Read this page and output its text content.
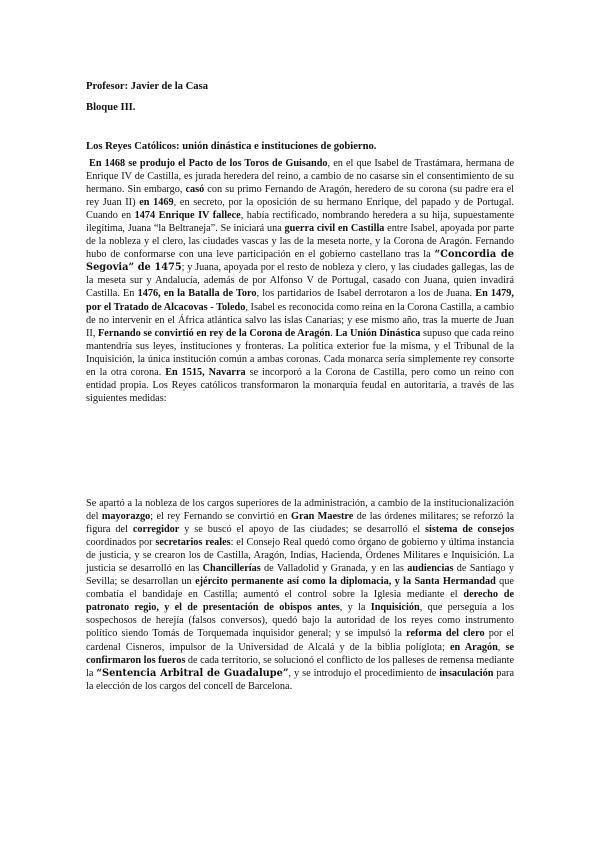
Profesor: Javier de la Casa
Bloque III.
Los Reyes Católicos: unión dinástica e instituciones de gobierno.

En 1468 se produjo el Pacto de los Toros de Guisando, en el que Isabel de Trastámara, hermana de Enrique IV de Castilla, es jurada heredera del reino, a cambio de no casarse sin el consentimiento de su hermano. Sin embargo, casó con su primo Fernando de Aragón, heredero de su corona (su padre era el rey Juan II) en 1469, en secreto, por la oposición de su hermano Enrique, del papado y de Portugal. Cuando en 1474 Enrique IV fallece, había rectificado, nombrando heredera a su hija, supuestamente ilegítima, Juana “la Beltraneja”. Se iniciará una guerra civil en Castilla entre Isabel, apoyada por parte de la nobleza y el clero, las ciudades vascas y las de la meseta norte, y la Corona de Aragón. Fernando hubo de conformarse con una leve participación en el gobierno castellano tras la “Concordia de Segovia” de 1475; y Juana, apoyada por el resto de nobleza y clero, y las ciudades gallegas, las de la meseta sur y Andalucía, además de por Alfonso V de Portugal, casado con Juana, quien invadirá Castilla. En 1476, en la Batalla de Toro, los partidarios de Isabel derrotaron a los de Juana. En 1479, por el Tratado de Alcacovas - Toledo, Isabel es reconocida como reina en la Corona Castilla, a cambio de no intervenir en el África atlántica salvo las islas Canarias; y ese mismo año, tras la muerte de Juan II, Fernando se convirtió en rey de la Corona de Aragón. La Unión Dinástica supuso que cada reino mantendría sus leyes, instituciones y fronteras. La política exterior fue la misma, y el Tribunal de la Inquisición, la única institución común a ambas coronas. Cada monarca sería simplemente rey consorte en la otra corona. En 1515, Navarra se incorporó a la Corona de Castilla, pero como un reino con entidad propia. Los Reyes católicos transformaron la monarquía feudal en autoritaria, a través de las siguientes medidas:

Se apartó a la nobleza de los cargos superiores de la administración, a cambio de la institucionalización del mayorazgo; el rey Fernando se convirtió en Gran Maestre de las órdenes militares; se reforzó la figura del corregidor y se buscó el apoyo de las ciudades; se desarrolló el sistema de consejos coordinados por secretarios reales: el Consejo Real quedó como órgano de gobierno y última instancia de justicia, y se crearon los de Castilla, Aragón, Indias, Hacienda, Órdenes Militares e Inquisición. La justicia se desarrolló en las Chancillerías de Valladolid y Granada, y en las audiencias de Santiago y Sevilla; se desarrollan un ejército permanente así como la diplomacia, y la Santa Hermandad que combatía el bandidaje en Castilla; aumentó el control sobre la Iglesia mediante el derecho de patronato regio, y el de presentación de obispos antes, y la Inquisición, que perseguía a los sospechosos de herejía (falsos conversos), quedó bajo la autoridad de los reyes como instrumento político siendo Tomás de Torquemada inquisidor general; y se impulsó la reforma del clero por el cardenal Cisneros, impulsor de la Universidad de Alcalá y de la biblia políglota; en Aragón, se confirmaron los fueros de cada territorio, se solucionó el conflicto de los palleses de remensa mediante la “Sentencia Arbitral de Guadalupe”, y se introdujo el procedimiento de insaculación para la elección de los cargos del concell de Barcelona.
